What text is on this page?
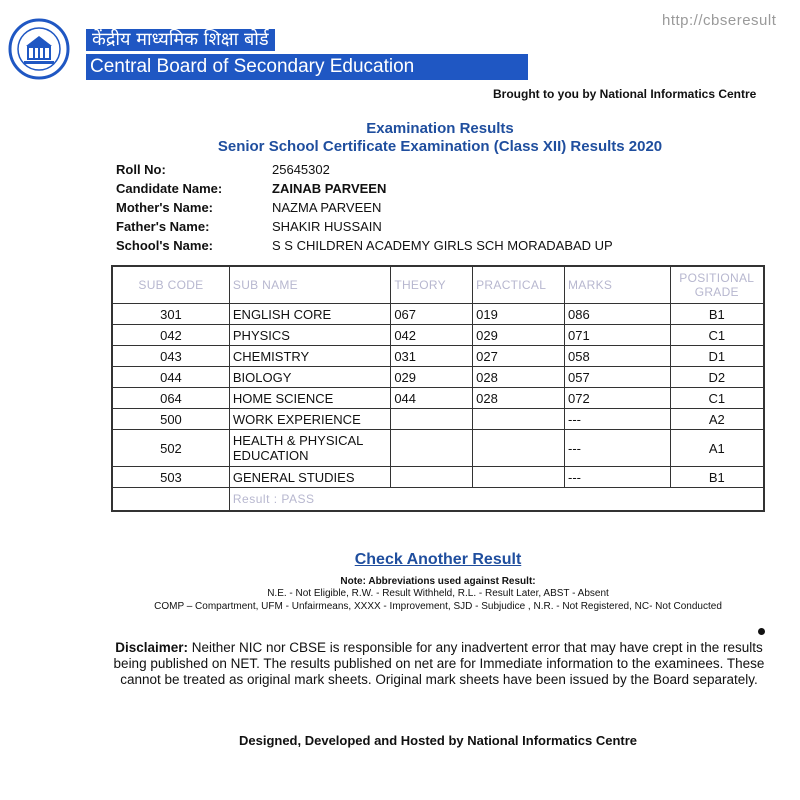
केंद्रीय माध्यमिक शिक्षा बोर्ड
Central Board of Secondary Education
http://cbseresult
Brought to you by National Informatics Centre
Examination Results
Senior School Certificate Examination (Class XII) Results 2020
Roll No:	25645302
Candidate Name:	ZAINAB PARVEEN
Mother's Name:	NAZMA PARVEEN
Father's Name:	SHAKIR HUSSAIN
School's Name:	S S CHILDREN ACADEMY GIRLS SCH MORADABAD UP
SUB CODE	SUB NAME	THEORY	PRACTICAL	MARKS	POSITIONAL GRADE
301	ENGLISH CORE	067	019	086	B1
042	PHYSICS	042	029	071	C1
043	CHEMISTRY	031	027	058	D1
044	BIOLOGY	029	028	057	D2
064	HOME SCIENCE	044	028	072	C1
500	WORK EXPERIENCE			---	A2
502	HEALTH & PHYSICAL EDUCATION			---	A1
503	GENERAL STUDIES			---	B1
	Result : PASS				
Check Another Result
Note: Abbreviations used against Result:
N.E. - Not Eligible, R.W. - Result Withheld, R.L. - Result Later, ABST - Absent
COMP – Compartment, UFM - Unfairmeans, XXXX - Improvement, SJD - Subjudice , N.R. - Not Registered, NC- Not Conducted
Disclaimer: Neither NIC nor CBSE is responsible for any inadvertent error that may have crept in the results being published on NET. The results published on net are for Immediate information to the examinees. These cannot be treated as original mark sheets. Original mark sheets have been issued by the Board separately.
Designed, Developed and Hosted by National Informatics Centre
